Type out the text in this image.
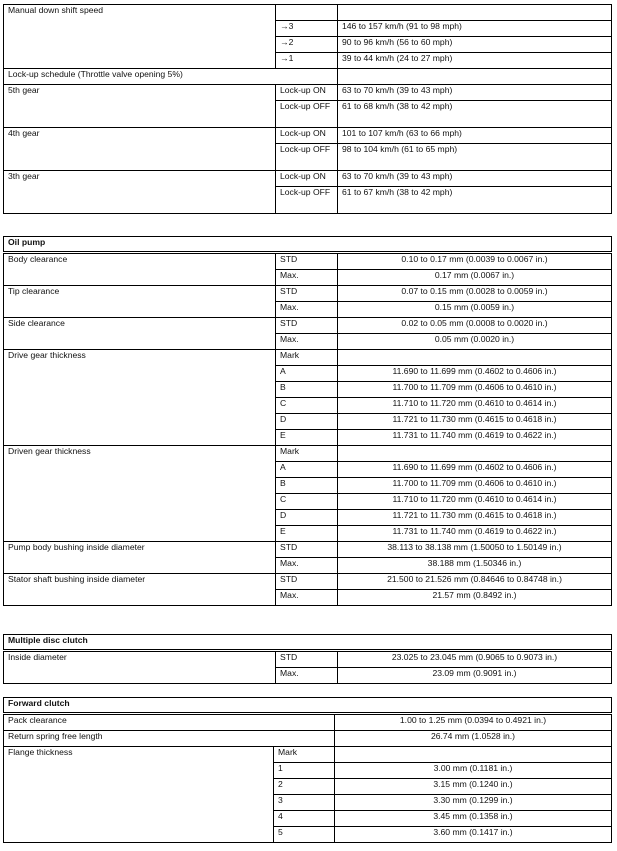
Manual down shift speed		
	→3	146 to 157 km/h (91 to 98 mph)
	→2	90 to 96 km/h (56 to 60 mph)
	→1	39 to 44 km/h (24 to 27 mph)
Lock-up schedule (Throttle valve opening 5%)		
5th gear	Lock-up ON	63 to 70 km/h (39 to 43 mph)
	Lock-up OFF	61 to 68 km/h (38 to 42 mph)
4th gear	Lock-up ON	101 to 107 km/h (63 to 66 mph)
	Lock-up OFF	98 to 104 km/h (61 to 65 mph)
3th gear	Lock-up ON	63 to 70 km/h (39 to 43 mph)
	Lock-up OFF	61 to 67 km/h (38 to 42 mph)
Oil pump		
Body clearance	STD	0.10 to 0.17 mm (0.0039 to 0.0067 in.)
	Max.	0.17 mm (0.0067 in.)
Tip clearance	STD	0.07 to 0.15 mm (0.0028 to 0.0059 in.)
	Max.	0.15 mm (0.0059 in.)
Side clearance	STD	0.02 to 0.05 mm (0.0008 to 0.0020 in.)
	Max.	0.05 mm (0.0020 in.)
Drive gear thickness	Mark	
	A	11.690 to 11.699 mm (0.4602 to 0.4606 in.)
	B	11.700 to 11.709 mm (0.4606 to 0.4610 in.)
	C	11.710 to 11.720 mm (0.4610 to 0.4614 in.)
	D	11.721 to 11.730 mm (0.4615 to 0.4618 in.)
	E	11.731 to 11.740 mm (0.4619 to 0.4622 in.)
Driven gear thickness	Mark	
	A	11.690 to 11.699 mm (0.4602 to 0.4606 in.)
	B	11.700 to 11.709 mm (0.4606 to 0.4610 in.)
	C	11.710 to 11.720 mm (0.4610 to 0.4614 in.)
	D	11.721 to 11.730 mm (0.4615 to 0.4618 in.)
	E	11.731 to 11.740 mm (0.4619 to 0.4622 in.)
Pump body bushing inside diameter	STD	38.113 to 38.138 mm (1.50050 to 1.50149 in.)
	Max.	38.188 mm (1.50346 in.)
Stator shaft bushing inside diameter	STD	21.500 to 21.526 mm (0.84646 to 0.84748 in.)
	Max.	21.57 mm (0.8492 in.)
Multiple disc clutch		
Inside diameter	STD	23.025 to 23.045 mm (0.9065 to 0.9073 in.)
	Max.	23.09 mm (0.9091 in.)
Forward clutch		
Pack clearance		1.00 to 1.25 mm (0.0394 to 0.4921 in.)
Return spring free length		26.74 mm (1.0528 in.)
Flange thickness	Mark	
	1	3.00 mm (0.1181 in.)
	2	3.15 mm (0.1240 in.)
	3	3.30 mm (0.1299 in.)
	4	3.45 mm (0.1358 in.)
	5	3.60 mm (0.1417 in.)
